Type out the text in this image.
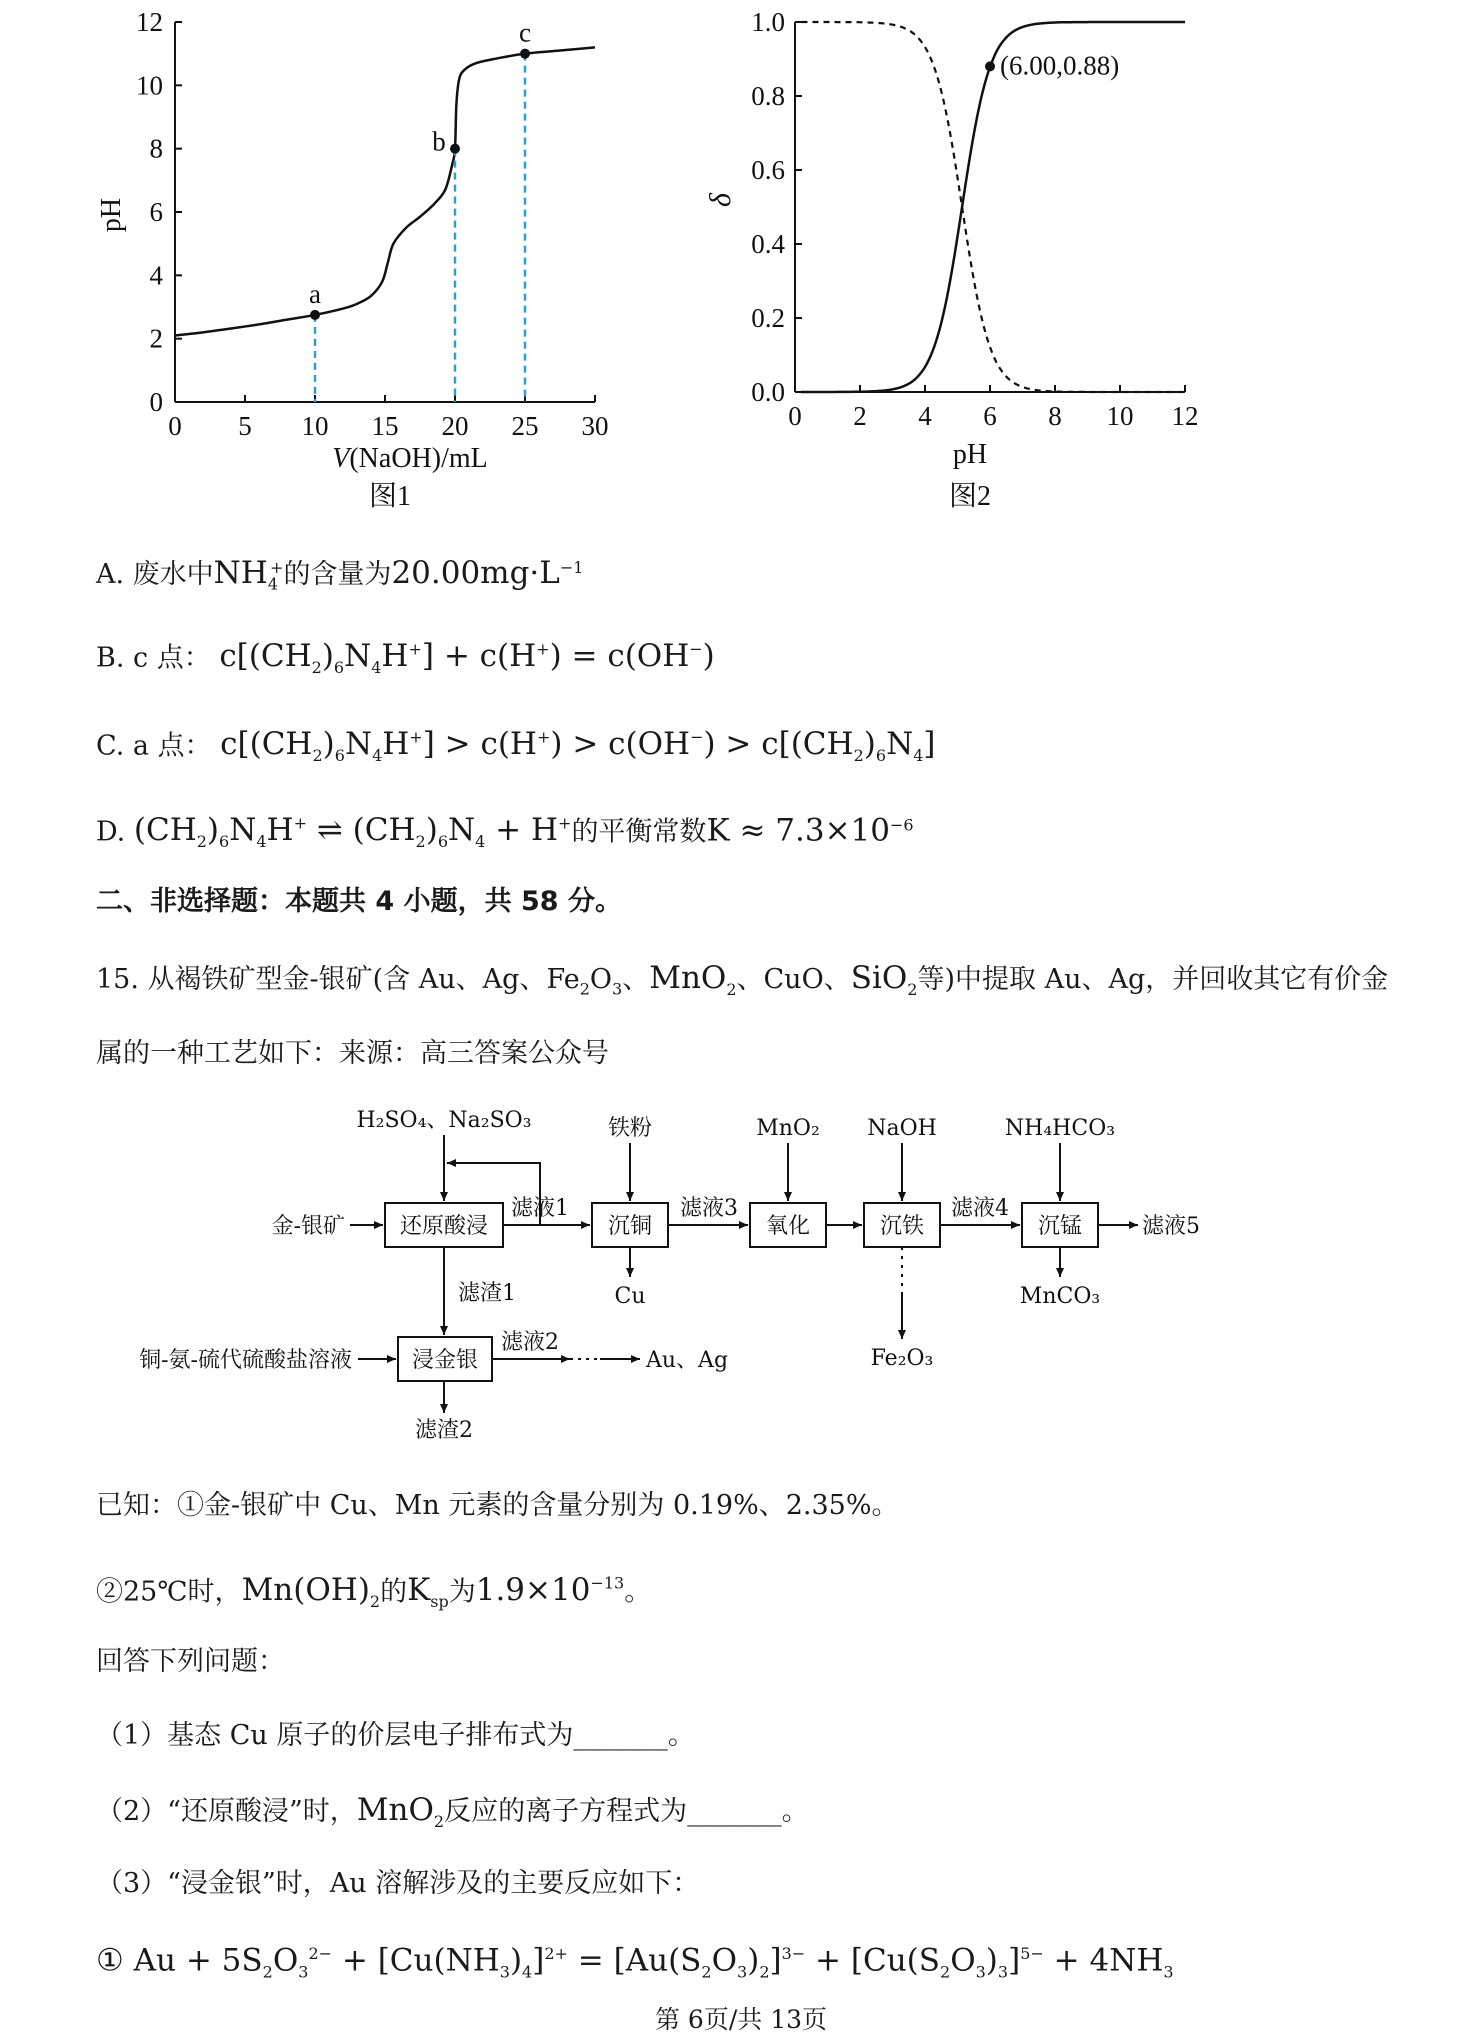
0 5 10 15 20 25 30
0
2
4
6
8
10
12
a
b
c
pH
V(NaOH)/mL
图1
0 2 4 6 8 10 12
0.0
0.2
0.4
0.6
0.8
1.0
(6.00,0.88)
δ
pH
图2
A. 废水中$NH_4^+$的含量为$20.00mg\cdot L^{-1}$
B. c 点： $c[(CH_2)_6N_4H^+] + c(H^+) = c(OH^-)$
C. a 点： $c[(CH_2)_6N_4H^+] > c(H^+) > c(OH^-) > c[(CH_2)_6N_4]$
D. $(CH_2)_6N_4H^+$ ⇌ $(CH_2)_6N_4 + H^+$的平衡常数$K \approx 7.3\times 10^{-6}$
二、非选择题：本题共 4 小题，共 58 分。
15. 从褐铁矿型金-银矿(含 Au、Ag、$Fe_2O_3$、MnO$_2$、CuO、SiO$_2$等)中提取 Au、Ag，并回收其它有价金
属的一种工艺如下：来源：高三答案公众号
还原酸浸	沉铜	氧化	沉铁	沉锰
浸金银
H₂SO₄、Na₂SO₃	铁粉	MnO₂ NaOH	NH₄HCO₃
金-银矿
铜-氨-硫代硫酸盐溶液
滤液1	滤液3	滤液4
滤液5
滤液2
滤渣1
滤渣2
Cu
Fe₂O₃
MnCO₃
Au、Ag
已知：①金-银矿中 Cu、Mn 元素的含量分别为 0.19%、2.35%。
②25℃时，$Mn(OH)_2$的$K_{sp}$为$1.9\times 10^{-13}$。
回答下列问题：
（1）基态 Cu 原子的价层电子排布式为_______。
（2）“还原酸浸”时，MnO$_2$反应的离子方程式为_______。
（3）“浸金银”时，Au 溶解涉及的主要反应如下：
① $Au + 5S_2O_3^{2-} + [Cu(NH_3)_4]^{2+} = [Au(S_2O_3)_2]^{3-} + [Cu(S_2O_3)_3]^{5-} + 4NH_3$
第 6页/共 13页
